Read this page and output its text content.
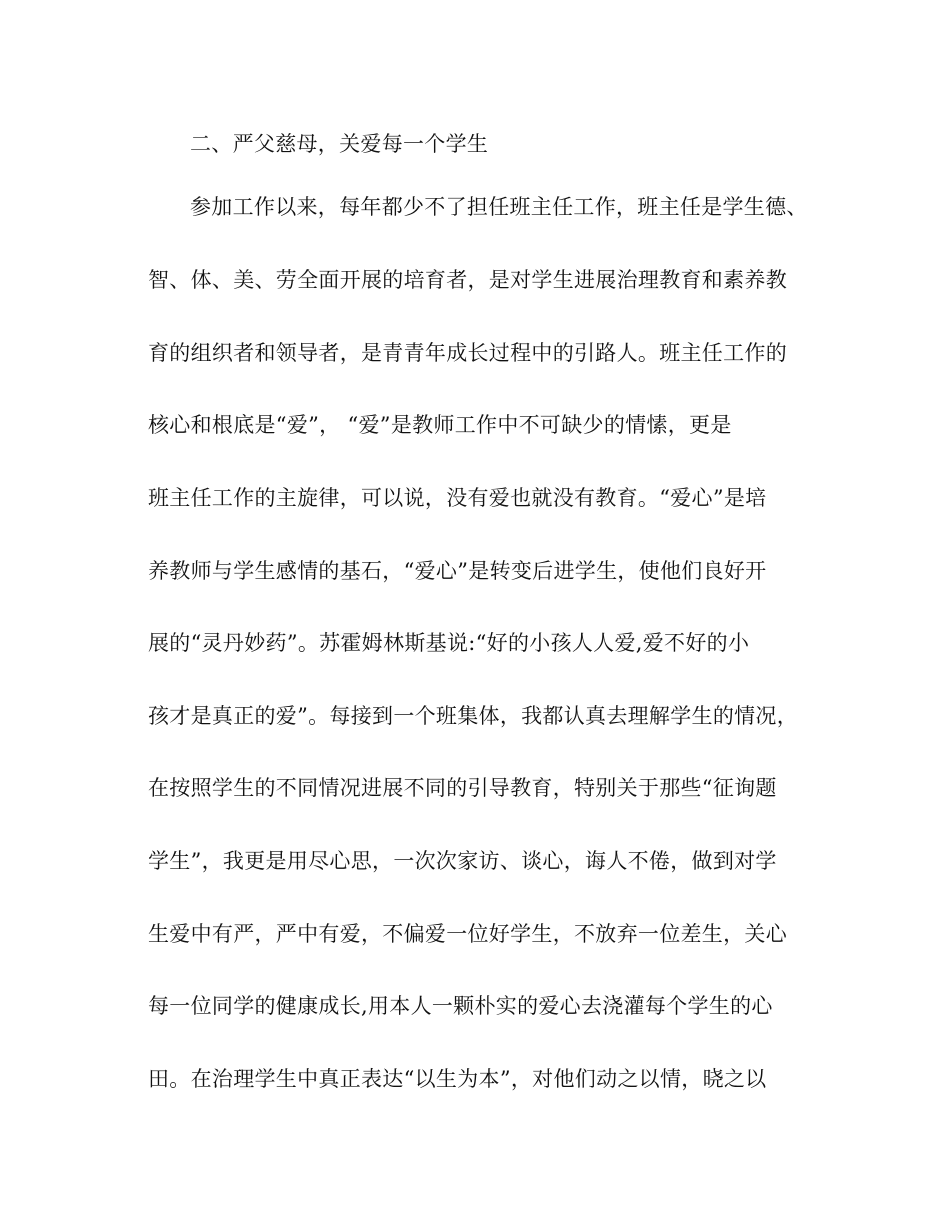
二、严父慈母，关爱每一个学生
参加工作以来，每年都少不了担任班主任工作，班主任是学生德、
智、体、美、劳全面开展的培育者，是对学生进展治理教育和素养教
育的组织者和领导者，是青青年成长过程中的引路人。班主任工作的
核心和根底是“爱”， “爱”是教师工作中不可缺少的情愫，更是
班主任工作的主旋律，可以说，没有爱也就没有教育。“爱心”是培
养教师与学生感情的基石，“爱心”是转变后进学生，使他们良好开
展的“灵丹妙药”。苏霍姆林斯基说:“好的小孩人人爱,爱不好的小
孩才是真正的爱”。每接到一个班集体，我都认真去理解学生的情况，
在按照学生的不同情况进展不同的引导教育，特别关于那些“征询题
学生”，我更是用尽心思，一次次家访、谈心，诲人不倦，做到对学
生爱中有严，严中有爱，不偏爱一位好学生，不放弃一位差生，关心
每一位同学的健康成长,用本人一颗朴实的爱心去浇灌每个学生的心
田。在治理学生中真正表达“以生为本”，对他们动之以情，晓之以
